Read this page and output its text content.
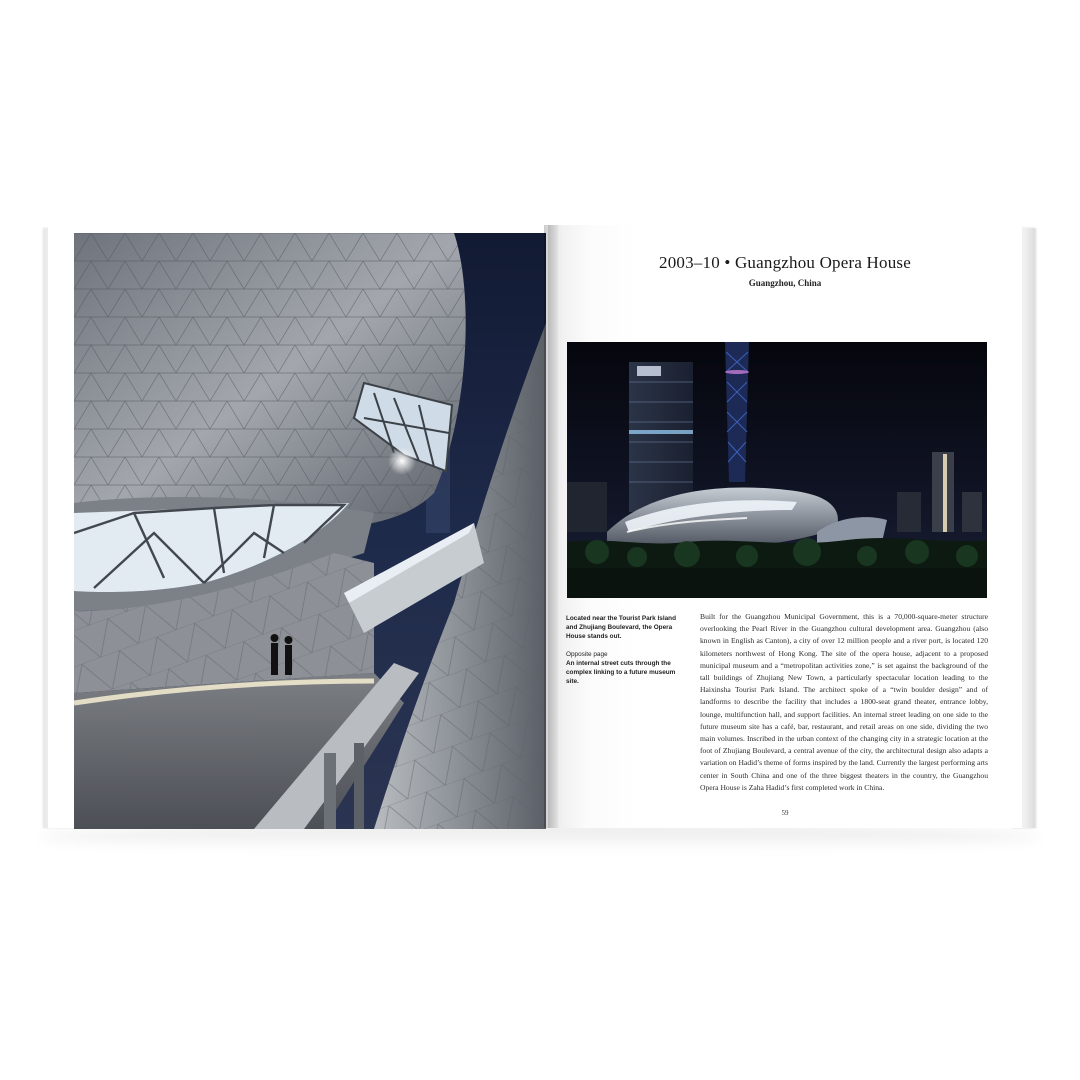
2003–10 • Guangzhou Opera House
Guangzhou, China
Located near the Tourist Park Island and Zhujiang Boulevard, the Opera House stands out.
Opposite page
An internal street cuts through the complex linking to a future museum site.
Built for the Guangzhou Municipal Government, this is a 70,000-square-meter structure overlooking the Pearl River in the Guangzhou cultural development area. Guangzhou (also known in English as Canton), a city of over 12 million people and a river port, is located 120 kilometers northwest of Hong Kong. The site of the opera house, adjacent to a proposed municipal museum and a “metropolitan activities zone,” is set against the background of the tall buildings of Zhujiang New Town, a particularly spectacular location leading to the Haixinsha Tourist Park Island. The architect spoke of a “twin boulder design” and of landforms to describe the facility that includes a 1800-seat grand theater, entrance lobby, lounge, multifunction hall, and support facilities. An internal street leading on one side to the future museum site has a café, bar, restaurant, and retail areas on one side, dividing the two main volumes. Inscribed in the urban context of the changing city in a strategic location at the foot of Zhujiang Boulevard, a central avenue of the city, the architectural design also adapts a variation on Hadid’s theme of forms inspired by the land. Currently the largest performing arts center in South China and one of the three biggest theaters in the country, the Guangzhou Opera House is Zaha Hadid’s first completed work in China.
59
